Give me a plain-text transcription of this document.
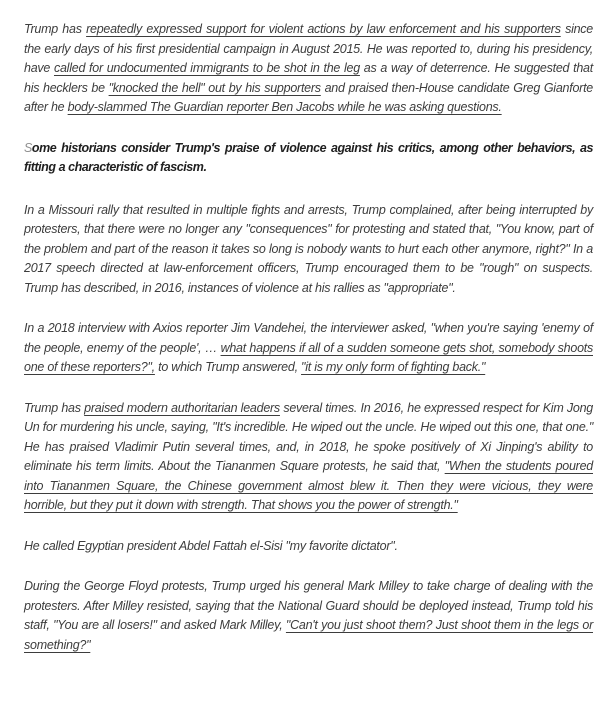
Trump has repeatedly expressed support for violent actions by law enforcement and his supporters since the early days of his first presidential campaign in August 2015. He was reported to, during his presidency, have called for undocumented immigrants to be shot in the leg as a way of deterrence. He suggested that his hecklers be "knocked the hell" out by his supporters and praised then-House candidate Greg Gianforte after he body-slammed The Guardian reporter Ben Jacobs while he was asking questions.

Some historians consider Trump's praise of violence against his critics, among other behaviors, as fitting a characteristic of fascism.

In a Missouri rally that resulted in multiple fights and arrests, Trump complained, after being interrupted by protesters, that there were no longer any "consequences" for protesting and stated that, "You know, part of the problem and part of the reason it takes so long is nobody wants to hurt each other anymore, right?" In a 2017 speech directed at law-enforcement officers, Trump encouraged them to be "rough" on suspects. Trump has described, in 2016, instances of violence at his rallies as "appropriate".

In a 2018 interview with Axios reporter Jim Vandehei, the interviewer asked, "when you're saying 'enemy of the people, enemy of the people', … what happens if all of a sudden someone gets shot, somebody shoots one of these reporters?", to which Trump answered, "it is my only form of fighting back."

Trump has praised modern authoritarian leaders several times. In 2016, he expressed respect for Kim Jong Un for murdering his uncle, saying, "It's incredible. He wiped out the uncle. He wiped out this one, that one." He has praised Vladimir Putin several times, and, in 2018, he spoke positively of Xi Jinping's ability to eliminate his term limits. About the Tiananmen Square protests, he said that, "When the students poured into Tiananmen Square, the Chinese government almost blew it. Then they were vicious, they were horrible, but they put it down with strength. That shows you the power of strength."

He called Egyptian president Abdel Fattah el-Sisi "my favorite dictator".

During the George Floyd protests, Trump urged his general Mark Milley to take charge of dealing with the protesters. After Milley resisted, saying that the National Guard should be deployed instead, Trump told his staff, "You are all losers!" and asked Mark Milley, "Can't you just shoot them? Just shoot them in the legs or something?"
